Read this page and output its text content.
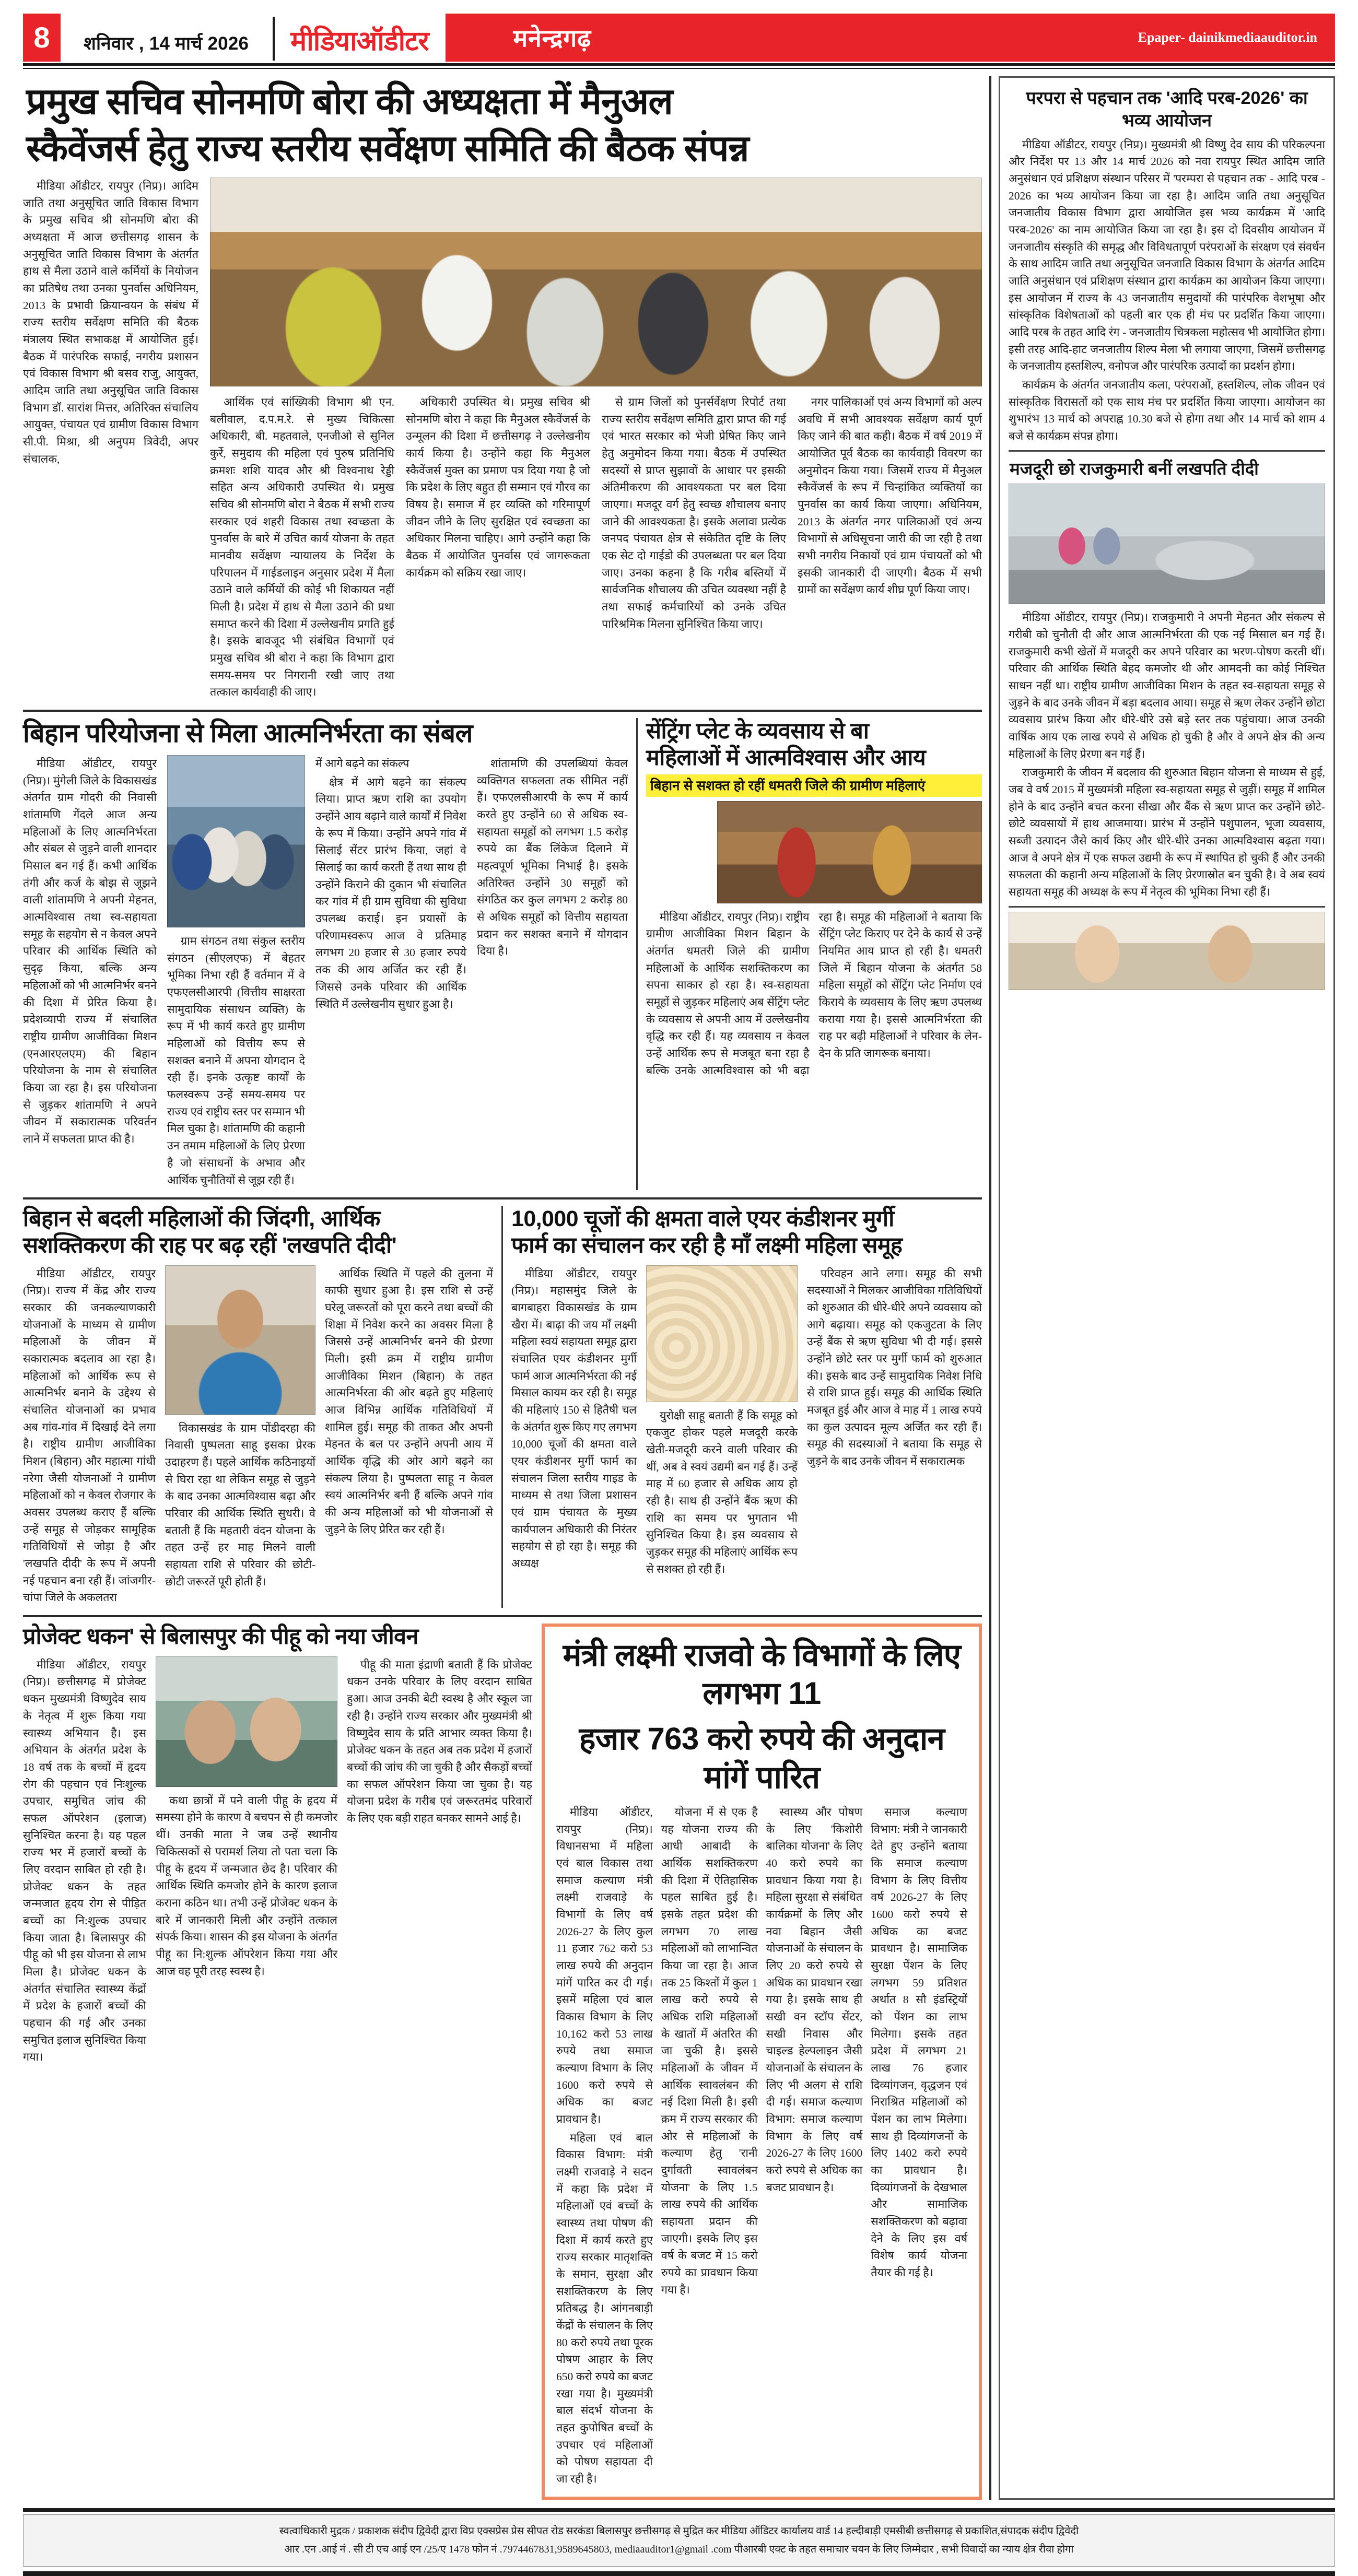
8	शनिवार , 14 मार्च 2026	मीडियाऑडीटर	मनेन्द्रगढ़	Epaper- dainikmediaauditor.in
प्रमुख सचिव सोनमणि बोरा की अध्यक्षता में मैनुअल
स्कैवेंजर्स हेतु राज्य स्तरीय सर्वेक्षण समिति की बैठक संपन्न

मीडिया ऑडीटर, रायपुर (निप्र)। आदिम जाति तथा अनुसूचित जाति विकास विभाग के प्रमुख सचिव श्री सोनमणि बोरा की अध्यक्षता में आज छत्तीसगढ़ शासन के अनुसूचित जाति विकास विभाग के अंतर्गत हाथ से मैला उठाने वाले कर्मियों के नियोजन का प्रतिषेध तथा उनका पुनर्वास अधिनियम, 2013 के प्रभावी क्रियान्वयन के संबंध में राज्य स्तरीय सर्वेक्षण समिति की बैठक मंत्रालय स्थित सभाकक्ष में आयोजित हुई। बैठक में पारंपरिक सफाई, नगरीय प्रशासन एवं विकास विभाग श्री बसव राजु, आयुक्त, आदिम जाति तथा अनुसूचित जाति विकास विभाग डॉ. सारांश मित्तर, अतिरिक्त संचालिय आयुक्त, पंचायत एवं ग्रामीण विकास विभाग सी.पी. मिश्रा, श्री अनुपम त्रिवेदी, अपर संचालक,

आर्थिक एवं सांख्यिकी विभाग श्री एन. बलीवाल, द.प.म.रे. से मुख्य चिकित्सा अधिकारी, बी. महतवाले, एनजीओ से सुनिल कुर्रे, समुदाय की महिला एवं पुरुष प्रतिनिधि क्रमशः शशि यादव और श्री विश्वनाथ रेड्डी सहित अन्य अधिकारी उपस्थित थे। प्रमुख सचिव श्री सोनमणि बोरा ने बैठक में सभी राज्य सरकार एवं शहरी विकास तथा स्वच्छता के पुनर्वास के बारे में उचित कार्य योजना के तहत मानवीय सर्वेक्षण न्यायालय के निर्देश के परिपालन में गाईडलाइन अनुसार प्रदेश में मैला उठाने वाले कर्मियों की कोई भी शिकायत नहीं मिली है। प्रदेश में हाथ से मैला उठाने की प्रथा समाप्त करने की दिशा में उल्लेखनीय प्रगति हुई है। इसके बावजूद भी संबंधित विभागों एवं प्रमुख सचिव श्री बोरा ने कहा कि विभाग द्वारा समय-समय पर निगरानी रखी जाए तथा तत्काल कार्यवाही की जाए।

अधिकारी उपस्थित थे। प्रमुख सचिव श्री सोनमणि बोरा ने कहा कि मैनुअल स्कैवेंजर्स के उन्मूलन की दिशा में छत्तीसगढ़ ने उल्लेखनीय कार्य किया है। उन्होंने कहा कि मैनुअल स्कैवेंजर्स मुक्त का प्रमाण पत्र दिया गया है जो कि प्रदेश के लिए बहुत ही सम्मान एवं गौरव का विषय है। समाज में हर व्यक्ति को गरिमापूर्ण जीवन जीने के लिए सुरक्षित एवं स्वच्छता का अधिकार मिलना चाहिए। आगे उन्होंने कहा कि बैठक में आयोजित पुनर्वास एवं जागरूकता कार्यक्रम को सक्रिय रखा जाए।

से ग्राम जिलों को पुनर्सर्वेक्षण रिपोर्ट तथा राज्य स्तरीय सर्वेक्षण समिति द्वारा प्राप्त की गई एवं भारत सरकार को भेजी प्रेषित किए जाने हेतु अनुमोदन किया गया। बैठक में उपस्थित सदस्यों से प्राप्त सुझावों के आधार पर इसकी अंतिमीकरण की आवश्यकता पर बल दिया जाएगा। मजदूर वर्ग हेतु स्वच्छ शौचालय बनाए जाने की आवश्यकता है। इसके अलावा प्रत्येक जनपद पंचायत क्षेत्र से संकेतित दृष्टि के लिए एक सेट दो गाईडो की उपलब्धता पर बल दिया जाए। उनका कहना है कि गरीब बस्तियों में सार्वजनिक शौचालय की उचित व्यवस्था नहीं है तथा सफाई कर्मचारियों को उनके उचित पारिश्रमिक मिलना सुनिश्चित किया जाए।

नगर पालिकाओं एवं अन्य विभागों को अल्प अवधि में सभी आवश्यक सर्वेक्षण कार्य पूर्ण किए जाने की बात कही। बैठक में वर्ष 2019 में आयोजित पूर्व बैठक का कार्यवाही विवरण का अनुमोदन किया गया। जिसमें राज्य में मैनुअल स्कैवेंजर्स के रूप में चिन्हांकित व्यक्तियों का पुनर्वास का कार्य किया जाएगा। अधिनियम, 2013 के अंतर्गत नगर पालिकाओं एवं अन्य विभागों से अधिसूचना जारी की जा रही है तथा सभी नगरीय निकायों एवं ग्राम पंचायतों को भी इसकी जानकारी दी जाएगी। बैठक में सभी ग्रामों का सर्वेक्षण कार्य शीघ्र पूर्ण किया जाए।

बिहान परियोजना से मिला आत्मनिर्भरता का संबल

मीडिया ऑडीटर, रायपुर (निप्र)। मुंगेली जिले के विकासखंड अंतर्गत ग्राम गोदरी की निवासी शांतामणि गेंदले आज अन्य महिलाओं के लिए आत्मनिर्भरता और संबल से जुड़ने वाली शानदार मिसाल बन गई हैं। कभी आर्थिक तंगी और कर्ज के बोझ से जूझने वाली शांतामणि ने अपनी मेहनत, आत्मविश्वास तथा स्व-सहायता समूह के सहयोग से न केवल अपने परिवार की आर्थिक स्थिति को सुदृढ़ किया, बल्कि अन्य महिलाओं को भी आत्मनिर्भर बनने की दिशा में प्रेरित किया है। प्रदेशव्यापी राज्य में संचालित राष्ट्रीय ग्रामीण आजीविका मिशन (एनआरएलएम) की बिहान परियोजना के नाम से संचालित किया जा रहा है। इस परियोजना से जुड़कर शांतामणि ने अपने जीवन में सकारात्मक परिवर्तन लाने में सफलता प्राप्त की है।

ग्राम संगठन तथा संकुल स्तरीय संगठन (सीएलएफ) में बेहतर भूमिका निभा रही हैं वर्तमान में वे एफएलसीआरपी (वित्तीय साक्षरता सामुदायिक संसाधन व्यक्ति) के रूप में भी कार्य करते हुए ग्रामीण महिलाओं को वित्तीय रूप से सशक्त बनाने में अपना योगदान दे रही हैं। इनके उत्कृष्ट कार्यों के फलस्वरूप उन्हें समय-समय पर राज्य एवं राष्ट्रीय स्तर पर सम्मान भी मिल चुका है। शांतामणि की कहानी उन तमाम महिलाओं के लिए प्रेरणा है जो संसाधनों के अभाव और आर्थिक चुनौतियों से जूझ रही हैं।

में आगे बढ़ने का संकल्प

क्षेत्र में आगे बढ़ने का संकल्प लिया। प्राप्त ऋण राशि का उपयोग उन्होंने आय बढ़ाने वाले कार्यों में निवेश के रूप में किया। उन्होंने अपने गांव में सिलाई सेंटर प्रारंभ किया, जहां वे सिलाई का कार्य करती हैं तथा साथ ही उन्होंने किराने की दुकान भी संचालित कर गांव में ही ग्राम सुविधा की सुविधा उपलब्ध कराई। इन प्रयासों के परिणामस्वरूप आज वे प्रतिमाह लगभग 20 हजार से 30 हजार रुपये तक की आय अर्जित कर रही हैं। जिससे उनके परिवार की आर्थिक स्थिति में उल्लेखनीय सुधार हुआ है।

शांतामणि की उपलब्धियां केवल व्यक्तिगत सफलता तक सीमित नहीं हैं। एफएलसीआरपी के रूप में कार्य करते हुए उन्होंने 60 से अधिक स्व-सहायता समूहों को लगभग 1.5 करोड़ रुपये का बैंक लिंकेज दिलाने में महत्वपूर्ण भूमिका निभाई है। इसके अतिरिक्त उन्होंने 30 समूहों को संगठित कर कुल लगभग 2 करोड़ 80 से अधिक समूहों को वित्तीय सहायता प्रदान कर सशक्त बनाने में योगदान दिया है।

सेंट्रिंग प्लेट के व्यवसाय से बा
महिलाओं में आत्मविश्वास और आय
बिहान से सशक्त हो रहीं धमतरी जिले की ग्रामीण महिलाएं

मीडिया ऑडीटर, रायपुर (निप्र)। राष्ट्रीय ग्रामीण आजीविका मिशन बिहान के अंतर्गत धमतरी जिले की ग्रामीण महिलाओं के आर्थिक सशक्तिकरण का सपना साकार हो रहा है। स्व-सहायता समूहों से जुड़कर महिलाएं अब सेंट्रिंग प्लेट के व्यवसाय से अपनी आय में उल्लेखनीय वृद्धि कर रही हैं। यह व्यवसाय न केवल उन्हें आर्थिक रूप से मजबूत बना रहा है बल्कि उनके आत्मविश्वास को भी बढ़ा रहा है। समूह की महिलाओं ने बताया कि सेंट्रिंग प्लेट किराए पर देने के कार्य से उन्हें नियमित आय प्राप्त हो रही है। धमतरी जिले में बिहान योजना के अंतर्गत 58 महिला समूहों को सेंट्रिंग प्लेट निर्माण एवं किराये के व्यवसाय के लिए ऋण उपलब्ध कराया गया है। इससे आत्मनिर्भरता की राह पर बढ़ी महिलाओं ने परिवार के लेन-देन के प्रति जागरूक बनाया।

बिहान से बदली महिलाओं की जिंदगी, आर्थिक
सशक्तिकरण की राह पर बढ़ रहीं 'लखपति दीदी'

मीडिया ऑडीटर, रायपुर (निप्र)। राज्य में केंद्र और राज्य सरकार की जनकल्याणकारी योजनाओं के माध्यम से ग्रामीण महिलाओं के जीवन में सकारात्मक बदलाव आ रहा है। महिलाओं को आर्थिक रूप से आत्मनिर्भर बनाने के उद्देश्य से संचालित योजनाओं का प्रभाव अब गांव-गांव में दिखाई देने लगा है। राष्ट्रीय ग्रामीण आजीविका मिशन (बिहान) और महात्मा गांधी नरेगा जैसी योजनाओं ने ग्रामीण महिलाओं को न केवल रोजगार के अवसर उपलब्ध कराए हैं बल्कि उन्हें समूह से जोड़कर सामूहिक गतिविधियों से जोड़ा है और 'लखपति दीदी' के रूप में अपनी नई पहचान बना रही हैं। जांजगीर-चांपा जिले के अकलतरा

विकासखंड के ग्राम पोंडीदरहा की निवासी पुष्पलता साहू इसका प्रेरक उदाहरण हैं। पहले आर्थिक कठिनाइयों से घिरा रहा था लेकिन समूह से जुड़ने के बाद उनका आत्मविश्वास बढ़ा और परिवार की आर्थिक स्थिति सुधरी। वे बताती हैं कि महतारी वंदन योजना के तहत उन्हें हर माह मिलने वाली सहायता राशि से परिवार की छोटी-छोटी जरूरतें पूरी होती हैं।

आर्थिक स्थिति में पहले की तुलना में काफी सुधार हुआ है। इस राशि से उन्हें घरेलू जरूरतों को पूरा करने तथा बच्चों की शिक्षा में निवेश करने का अवसर मिला है जिससे उन्हें आत्मनिर्भर बनने की प्रेरणा मिली। इसी क्रम में राष्ट्रीय ग्रामीण आजीविका मिशन (बिहान) के तहत आत्मनिर्भरता की ओर बढ़ते हुए महिलाएं आज विभिन्न आर्थिक गतिविधियों में शामिल हुई। समूह की ताकत और अपनी मेहनत के बल पर उन्होंने अपनी आय में आर्थिक वृद्धि की ओर आगे बढ़ने का संकल्प लिया है। पुष्पलता साहू न केवल स्वयं आत्मनिर्भर बनी हैं बल्कि अपने गांव की अन्य महिलाओं को भी योजनाओं से जुड़ने के लिए प्रेरित कर रही हैं।

10,000 चूजों की क्षमता वाले एयर कंडीशनर मुर्गी
फार्म का संचालन कर रही है माँ लक्ष्मी महिला समूह

मीडिया ऑडीटर, रायपुर (निप्र)। महासमुंद जिले के बागबाहरा विकासखंड के ग्राम खैरा में। बाढ़ा की जय माँ लक्ष्मी महिला स्वयं सहायता समूह द्वारा संचालित एयर कंडीशनर मुर्गी फार्म आज आत्मनिर्भरता की नई मिसाल कायम कर रही है। समूह की महिलाएं 150 से हितैषी चल के अंतर्गत शुरू किए गए लगभग 10,000 चूजों की क्षमता वाले एयर कंडीशनर मुर्गी फार्म का संचालन जिला स्तरीय गाइड के माध्यम से तथा जिला प्रशासन एवं ग्राम पंचायत के मुख्य कार्यपालन अधिकारी की निरंतर सहयोग से हो रहा है। समूह की अध्यक्ष

युरोक्षी साहू बताती हैं कि समूह को एकजुट होकर पहले मजदूरी करके खेती-मजदूरी करने वाली परिवार की थीं, अब वे स्वयं उद्यमी बन गई हैं। उन्हें माह में 60 हजार से अधिक आय हो रही है। साथ ही उन्होंने बैंक ऋण की राशि का समय पर भुगतान भी सुनिश्चित किया है। इस व्यवसाय से जुड़कर समूह की महिलाएं आर्थिक रूप से सशक्त हो रही हैं।

परिवहन आने लगा। समूह की सभी सदस्याओं ने मिलकर आजीविका गतिविधियों को शुरुआत की धीरे-धीरे अपने व्यवसाय को आगे बढ़ाया। समूह को एकजुटता के लिए उन्हें बैंक से ऋण सुविधा भी दी गई। इससे उन्होंने छोटे स्तर पर मुर्गी फार्म को शुरुआत की। इसके बाद उन्हें सामुदायिक निवेश निधि से राशि प्राप्त हुई। समूह की आर्थिक स्थिति मजबूत हुई और आज वे माह में 1 लाख रुपये का कुल उत्पादन मूल्य अर्जित कर रही हैं। समूह की सदस्याओं ने बताया कि समूह से जुड़ने के बाद उनके जीवन में सकारात्मक

प्रोजेक्ट धकन' से बिलासपुर की पीहू को नया जीवन

मीडिया ऑडीटर, रायपुर (निप्र)। छत्तीसगढ़ में प्रोजेक्ट धकन मुख्यमंत्री विष्णुदेव साय के नेतृत्व में शुरू किया गया स्वास्थ्य अभियान है। इस अभियान के अंतर्गत प्रदेश के 18 वर्ष तक के बच्चों में हृदय रोग की पहचान एवं निःशुल्क उपचार, समुचित जांच की सफल ऑपरेशन (इलाज) सुनिश्चित करना है। यह पहल राज्य भर में हजारों बच्चों के लिए वरदान साबित हो रही है। प्रोजेक्ट धकन के तहत जन्मजात हृदय रोग से पीड़ित बच्चों का नि:शुल्क उपचार किया जाता है। बिलासपुर की पीहू को भी इस योजना से लाभ मिला है। प्रोजेक्ट धकन के अंतर्गत संचालित स्वास्थ्य केंद्रों में प्रदेश के हजारों बच्चों की पहचान की गई और उनका समुचित इलाज सुनिश्चित किया गया।

कथा छात्रों में पने वाली पीहू के हृदय में समस्या होने के कारण वे बचपन से ही कमजोर थीं। उनकी माता ने जब उन्हें स्थानीय चिकित्सकों से परामर्श लिया तो पता चला कि पीहू के हृदय में जन्मजात छेद है। परिवार की आर्थिक स्थिति कमजोर होने के कारण इलाज कराना कठिन था। तभी उन्हें प्रोजेक्ट धकन के बारे में जानकारी मिली और उन्होंने तत्काल संपर्क किया। शासन की इस योजना के अंतर्गत पीहू का नि:शुल्क ऑपरेशन किया गया और आज वह पूरी तरह स्वस्थ है।

पीहू की माता इंद्राणी बताती हैं कि प्रोजेक्ट धकन उनके परिवार के लिए वरदान साबित हुआ। आज उनकी बेटी स्वस्थ है और स्कूल जा रही है। उन्होंने राज्य सरकार और मुख्यमंत्री श्री विष्णुदेव साय के प्रति आभार व्यक्त किया है। प्रोजेक्ट धकन के तहत अब तक प्रदेश में हजारों बच्चों की जांच की जा चुकी है और सैकड़ों बच्चों का सफल ऑपरेशन किया जा चुका है। यह योजना प्रदेश के गरीब एवं जरूरतमंद परिवारों के लिए एक बड़ी राहत बनकर सामने आई है।

मंत्री लक्ष्मी राजवो के विभागों के लिए लगभग 11
हजार 763 करो रुपये की अनुदान मांगें पारित

मीडिया ऑडीटर, रायपुर (निप्र)। विधानसभा में महिला एवं बाल विकास तथा समाज कल्याण मंत्री लक्ष्मी राजवाड़े के विभागों के लिए वर्ष 2026-27 के लिए कुल 11 हजार 762 करो 53 लाख रुपये की अनुदान मांगें पारित कर दी गई। इसमें महिला एवं बाल विकास विभाग के लिए 10,162 करो 53 लाख रुपये तथा समाज कल्याण विभाग के लिए 1600 करो रुपये से अधिक का बजट प्रावधान है।

महिला एवं बाल विकास विभाग: मंत्री लक्ष्मी राजवाड़े ने सदन में कहा कि प्रदेश में महिलाओं एवं बच्चों के स्वास्थ्य तथा पोषण की दिशा में कार्य करते हुए राज्य सरकार मातृशक्ति के समान, सुरक्षा और सशक्तिकरण के लिए प्रतिबद्ध है। आंगनबाड़ी केंद्रों के संचालन के लिए 80 करो रुपये तथा पूरक पोषण आहार के लिए 650 करो रुपये का बजट रखा गया है। मुख्यमंत्री बाल संदर्भ योजना के तहत कुपोषित बच्चों के उपचार एवं महिलाओं को पोषण सहायता दी जा रही है।

योजना में से एक है यह योजना राज्य की आधी आबादी के आर्थिक सशक्तिकरण की दिशा में ऐतिहासिक पहल साबित हुई है। इसके तहत प्रदेश की लगभग 70 लाख महिलाओं को लाभान्वित किया जा रहा है। आज तक 25 किश्तों में कुल 1 लाख करो रुपये से अधिक राशि महिलाओं के खातों में अंतरित की जा चुकी है। इससे महिलाओं के जीवन में आर्थिक स्वावलंबन की नई दिशा मिली है। इसी क्रम में राज्य सरकार की ओर से महिलाओं के कल्याण हेतु 'रानी दुर्गावती स्वावलंबन योजना' के लिए 1.5 लाख रुपये की आर्थिक सहायता प्रदान की जाएगी। इसके लिए इस वर्ष के बजट में 15 करो रुपये का प्रावधान किया गया है।

स्वास्थ्य और पोषण के लिए 'किशोरी बालिका योजना' के लिए 40 करो रुपये का प्रावधान किया गया है। महिला सुरक्षा से संबंधित कार्यक्रमों के लिए और नवा बिहान जैसी योजनाओं के संचालन के लिए 20 करो रुपये से अधिक का प्रावधान रखा गया है। इसके साथ ही सखी वन स्टॉप सेंटर, सखी निवास और चाइल्ड हेल्पलाइन जैसी योजनाओं के संचालन के लिए भी अलग से राशि दी गई। समाज कल्याण विभाग: समाज कल्याण विभाग के लिए वर्ष 2026-27 के लिए 1600 करो रुपये से अधिक का बजट प्रावधान है।

समाज कल्याण विभाग: मंत्री ने जानकारी देते हुए उन्होंने बताया कि समाज कल्याण विभाग के लिए वित्तीय वर्ष 2026-27 के लिए 1600 करो रुपये से अधिक का बजट प्रावधान है। सामाजिक सुरक्षा पेंशन के लिए लगभग 59 प्रतिशत अर्थात 8 सौ इंडस्ट्रियों को पेंशन का लाभ मिलेगा। इसके तहत प्रदेश में लगभग 21 लाख 76 हजार दिव्यांगजन, वृद्धजन एवं निराश्रित महिलाओं को पेंशन का लाभ मिलेगा। साथ ही दिव्यांगजनों के लिए 1402 करो रुपये का प्रावधान है। दिव्यांगजनों के देखभाल और सामाजिक सशक्तिकरण को बढ़ावा देने के लिए इस वर्ष विशेष कार्य योजना तैयार की गई है।

परपरा से पहचान तक 'आदि परब-2026' का भव्य आयोजन

मीडिया ऑडीटर, रायपुर (निप्र)। मुख्यमंत्री श्री विष्णु देव साय की परिकल्पना और निर्देश पर 13 और 14 मार्च 2026 को नवा रायपुर स्थित आदिम जाति अनुसंधान एवं प्रशिक्षण संस्थान परिसर में 'परम्परा से पहचान तक' - आदि परब - 2026 का भव्य आयोजन किया जा रहा है। आदिम जाति तथा अनुसूचित जनजातीय विकास विभाग द्वारा आयोजित इस भव्य कार्यक्रम में 'आदि परब-2026' का नाम आयोजित किया जा रहा है। इस दो दिवसीय आयोजन में जनजातीय संस्कृति की समृद्ध और विविधतापूर्ण परंपराओं के संरक्षण एवं संवर्धन के साथ आदिम जाति तथा अनुसूचित जनजाति विकास विभाग के अंतर्गत आदिम जाति अनुसंधान एवं प्रशिक्षण संस्थान द्वारा कार्यक्रम का आयोजन किया जाएगा। इस आयोजन में राज्य के 43 जनजातीय समुदायों की पारंपरिक वेशभूषा और सांस्कृतिक विशेषताओं को पहली बार एक ही मंच पर प्रदर्शित किया जाएगा। आदि परब के तहत आदि रंग - जनजातीय चित्रकला महोत्सव भी आयोजित होगा। इसी तरह आदि-हाट जनजातीय शिल्प मेला भी लगाया जाएगा, जिसमें छत्तीसगढ़ के जनजातीय हस्तशिल्प, वनोपज और पारंपरिक उत्पादों का प्रदर्शन होगा।

कार्यक्रम के अंतर्गत जनजातीय कला, परंपराओं, हस्तशिल्प, लोक जीवन एवं सांस्कृतिक विरासतों को एक साथ मंच पर प्रदर्शित किया जाएगा। आयोजन का शुभारंभ 13 मार्च को अपराह्न 10.30 बजे से होगा तथा और 14 मार्च को शाम 4 बजे से कार्यक्रम संपन्न होगा।

मजदूरी छो राजकुमारी बनीं लखपति दीदी

मीडिया ऑडीटर, रायपुर (निप्र)। राजकुमारी ने अपनी मेहनत और संकल्प से गरीबी को चुनौती दी और आज आत्मनिर्भरता की एक नई मिसाल बन गई हैं। राजकुमारी कभी खेतों में मजदूरी कर अपने परिवार का भरण-पोषण करती थीं। परिवार की आर्थिक स्थिति बेहद कमजोर थी और आमदनी का कोई निश्चित साधन नहीं था। राष्ट्रीय ग्रामीण आजीविका मिशन के तहत स्व-सहायता समूह से जुड़ने के बाद उनके जीवन में बड़ा बदलाव आया। समूह से ऋण लेकर उन्होंने छोटा व्यवसाय प्रारंभ किया और धीरे-धीरे उसे बड़े स्तर तक पहुंचाया। आज उनकी वार्षिक आय एक लाख रुपये से अधिक हो चुकी है और वे अपने क्षेत्र की अन्य महिलाओं के लिए प्रेरणा बन गई हैं।

राजकुमारी के जीवन में बदलाव की शुरुआत बिहान योजना से माध्यम से हुई, जब वे वर्ष 2015 में मुख्यमंत्री महिला स्व-सहायता समूह से जुड़ीं। समूह में शामिल होने के बाद उन्होंने बचत करना सीखा और बैंक से ऋण प्राप्त कर उन्होंने छोटे-छोटे व्यवसायों में हाथ आजमाया। प्रारंभ में उन्होंने पशुपालन, भूजा व्यवसाय, सब्जी उत्पादन जैसे कार्य किए और धीरे-धीरे उनका आत्मविश्वास बढ़ता गया। आज वे अपने क्षेत्र में एक सफल उद्यमी के रूप में स्थापित हो चुकी हैं और उनकी सफलता की कहानी अन्य महिलाओं के लिए प्रेरणास्रोत बन चुकी है। वे अब स्वयं सहायता समूह की अध्यक्ष के रूप में नेतृत्व की भूमिका निभा रही हैं।

स्वत्वाधिकारी मुद्रक / प्रकाशक संदीप द्विवेदी द्वारा विप्र एक्सप्रेस प्रेस सीपत रोड सरकंडा बिलासपुर छत्तीसगढ़ से मुद्रित कर मीडिया ऑडिटर कार्यालय वार्ड 14 हल्दीबाड़ी एमसीबी छत्तीसगढ़ से प्रकाशित,संपादक संदीप द्विवेदी

आर .एन .आई नं . सी टी एच आई एन /25/ए 1478 फोन नं .7974467831,9589645803, mediaauditor1@gmail .com पीआरबी एक्ट के तहत समाचार चयन के लिए जिम्मेदार , सभी विवादों का न्याय क्षेत्र रीवा होगा
